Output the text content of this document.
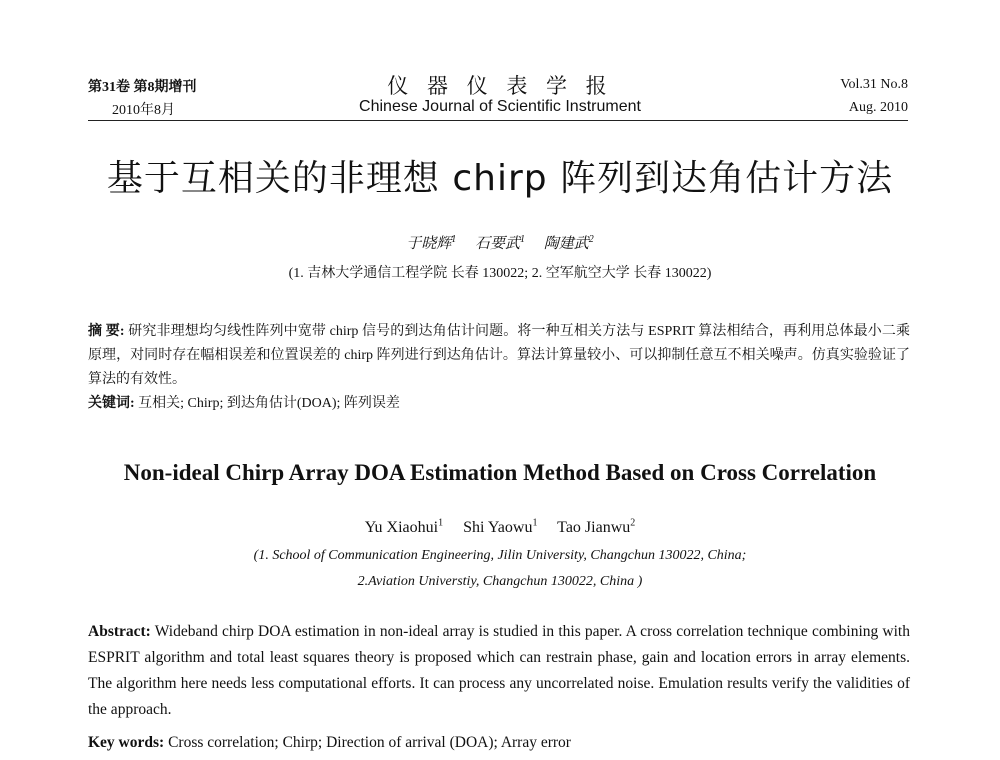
第31卷 第8期增刊
2010年8月
仪 器 仪 表 学 报
Chinese Journal of Scientific Instrument
Vol.31 No.8
Aug. 2010
基于互相关的非理想 chirp 阵列到达角估计方法
于晓辉$^1$ 石要武$^1$ 陶建武$^2$
(1. 吉林大学通信工程学院 长春 130022; 2. 空军航空大学 长春 130022)
摘 要: 研究非理想均匀线性阵列中宽带 chirp 信号的到达角估计问题。将一种互相关方法与 ESPRIT 算法相结合，再利用总体最小二乘原理，对同时存在幅相误差和位置误差的 chirp 阵列进行到达角估计。算法计算量较小、可以抑制任意互不相关噪声。仿真实验验证了算法的有效性。
关键词: 互相关; Chirp; 到达角估计(DOA); 阵列误差
Non-ideal Chirp Array DOA Estimation Method Based on Cross Correlation
Yu Xiaohui$^1$ Shi Yaowu$^1$ Tao Jianwu$^2$
(1. School of Communication Engineering, Jilin University, Changchun 130022, China;
2.Aviation Universtiy, Changchun 130022, China )
Abstract: Wideband chirp DOA estimation in non-ideal array is studied in this paper. A cross correlation technique combining with ESPRIT algorithm and total least squares theory is proposed which can restrain phase, gain and location errors in array elements. The algorithm here needs less computational efforts. It can process any uncorrelated noise. Emulation results verify the validities of the approach.
Key words: Cross correlation; Chirp; Direction of arrival (DOA); Array error
